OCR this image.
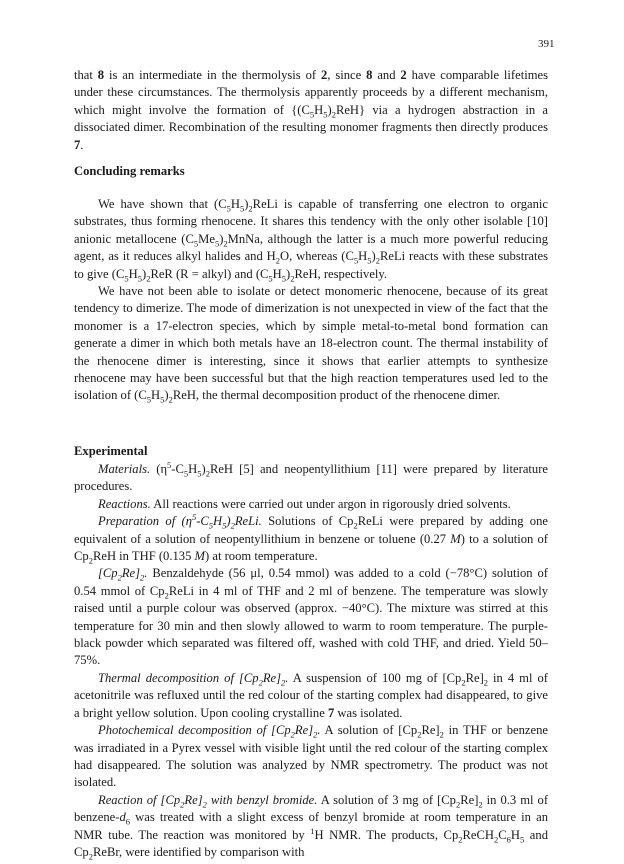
391

that 8 is an intermediate in the thermolysis of 2, since 8 and 2 have comparable lifetimes under these circumstances. The thermolysis apparently proceeds by a different mechanism, which might involve the formation of $\{(C_5H_5)_2ReH\}$ via a hydrogen abstraction in a dissociated dimer. Recombination of the resulting monomer fragments then directly produces 7.

Concluding remarks

We have shown that $(C_5H_5)_2ReLi$ is capable of transferring one electron to organic substrates, thus forming rhenocene. It shares this tendency with the only other isolable [10] anionic metallocene $(C_5Me_5)_2MnNa$, although the latter is a much more powerful reducing agent, as it reduces alkyl halides and $H_2O$, whereas $(C_5H_5)_2ReLi$ reacts with these substrates to give $(C_5H_5)_2ReR$ (R = alkyl) and $(C_5H_5)_2ReH$, respectively.

We have not been able to isolate or detect monomeric rhenocene, because of its great tendency to dimerize. The mode of dimerization is not unexpected in view of the fact that the monomer is a 17-electron species, which by simple metal-to-metal bond formation can generate a dimer in which both metals have an 18-electron count. The thermal instability of the rhenocene dimer is interesting, since it shows that earlier attempts to synthesize rhenocene may have been successful but that the high reaction temperatures used led to the isolation of $(C_5H_5)_2ReH$, the thermal decomposition product of the rhenocene dimer.

Experimental

Materials. $(\eta^5-C_5H_5)_2ReH$ [5] and neopentyllithium [11] were prepared by literature procedures.

Reactions. All reactions were carried out under argon in rigorously dried solvents.

Preparation of $(\eta^5-C_5H_5)_2ReLi$. Solutions of $Cp_2ReLi$ were prepared by adding one equivalent of a solution of neopentyllithium in benzene or toluene (0.27 M) to a solution of $Cp_2ReH$ in THF (0.135 M) at room temperature.

$[Cp_2Re]_2$. Benzaldehyde (56 μl, 0.54 mmol) was added to a cold (−78°C) solution of 0.54 mmol of $Cp_2ReLi$ in 4 ml of THF and 2 ml of benzene. The temperature was slowly raised until a purple colour was observed (approx. −40°C). The mixture was stirred at this temperature for 30 min and then slowly allowed to warm to room temperature. The purple-black powder which separated was filtered off, washed with cold THF, and dried. Yield 50–75%.

Thermal decomposition of $[Cp_2Re]_2$. A suspension of 100 mg of $[Cp_2Re]_2$ in 4 ml of acetonitrile was refluxed until the red colour of the starting complex had disappeared, to give a bright yellow solution. Upon cooling crystalline 7 was isolated.

Photochemical decomposition of $[Cp_2Re]_2$. A solution of $[Cp_2Re]_2$ in THF or benzene was irradiated in a Pyrex vessel with visible light until the red colour of the starting complex had disappeared. The solution was analyzed by NMR spectrometry. The product was not isolated.

Reaction of $[Cp_2Re]_2$ with benzyl bromide. A solution of 3 mg of $[Cp_2Re]_2$ in 0.3 ml of benzene-$d_6$ was treated with a slight excess of benzyl bromide at room temperature in an NMR tube. The reaction was monitored by $^1$H NMR. The products, $Cp_2ReCH_2C_6H_5$ and $Cp_2ReBr$, were identified by comparison with
